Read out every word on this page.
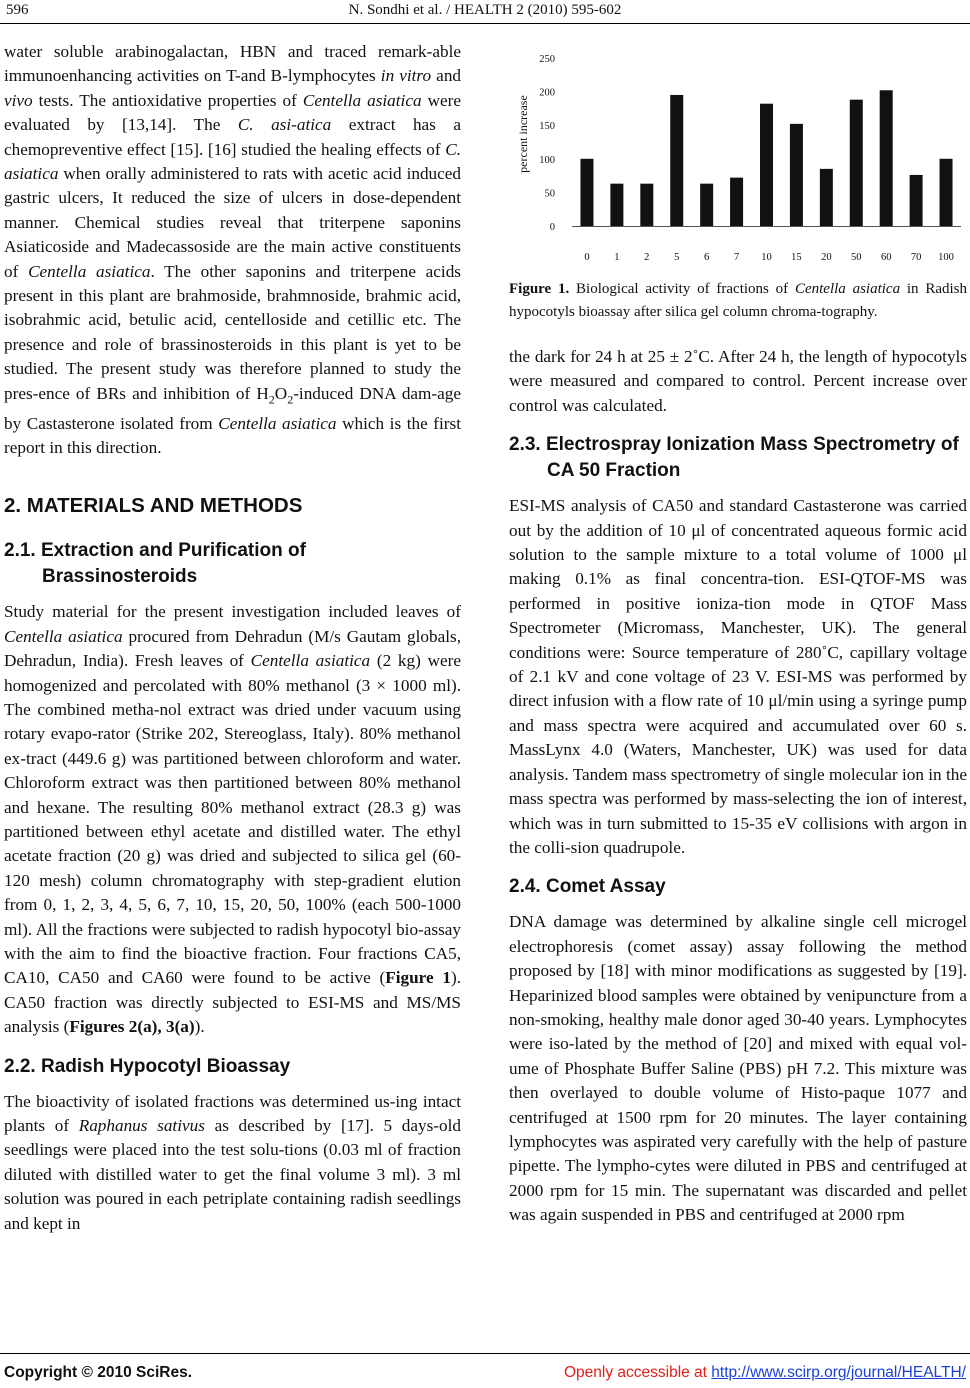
596	N. Sondhi et al. / HEALTH 2 (2010) 595-602

water soluble arabinogalactan, HBN and traced remark-able immunoenhancing activities on T-and B-lymphocytes in vitro and vivo tests. The antioxidative properties of Centella asiatica were evaluated by [13,14]. The C. asi-atica extract has a chemopreventive effect [15]. [16] studied the healing effects of C. asiatica when orally administered to rats with acetic acid induced gastric ulcers, It reduced the size of ulcers in dose-dependent manner. Chemical studies reveal that triterpene saponins Asiaticoside and Madecassoside are the main active constituents of Centella asiatica. The other saponins and triterpene acids present in this plant are brahmoside, brahmnoside, brahmic acid, isobrahmic acid, betulic acid, centelloside and cetillic etc. The presence and role of brassinosteroids in this plant is yet to be studied. The present study was therefore planned to study the pres-ence of BRs and inhibition of $H_2O_2$-induced DNA dam-age by Castasterone isolated from Centella asiatica which is the first report in this direction.

2. MATERIALS AND METHODS
2.1. Extraction and Purification of Brassinosteroids

Study material for the present investigation included leaves of Centella asiatica procured from Dehradun (M/s Gautam globals, Dehradun, India). Fresh leaves of Centella asiatica (2 kg) were homogenized and percolated with 80% methanol (3 × 1000 ml). The combined metha-nol extract was dried under vacuum using rotary evapo-rator (Strike 202, Stereoglass, Italy). 80% methanol ex-tract (449.6 g) was partitioned between chloroform and water. Chloroform extract was then partitioned between 80% methanol and hexane. The resulting 80% methanol extract (28.3 g) was partitioned between ethyl acetate and distilled water. The ethyl acetate fraction (20 g) was dried and subjected to silica gel (60-120 mesh) column chromatography with step-gradient elution from 0, 1, 2, 3, 4, 5, 6, 7, 10, 15, 20, 50, 100% (each 500-1000 ml). All the fractions were subjected to radish hypocotyl bio-assay with the aim to find the bioactive fraction. Four fractions CA5, CA10, CA50 and CA60 were found to be active (Figure 1). CA50 fraction was directly subjected to ESI-MS and MS/MS analysis (Figures 2(a), 3(a)).

2.2. Radish Hypocotyl Bioassay

The bioactivity of isolated fractions was determined us-ing intact plants of Raphanus sativus as described by [17]. 5 days-old seedlings were placed into the test solu-tions (0.03 ml of fraction diluted with distilled water to get the final volume 3 ml). 3 ml solution was poured in each petriplate containing radish seedlings and kept in

0
50
100
150
200
250
percent increase
0 1 2 5 6 7 10 15 20 50 60 70 100

Figure 1. Biological activity of fractions of Centella asiatica in Radish hypocotyls bioassay after silica gel column chroma-tography.

the dark for 24 h at 25 ± 2˚C. After 24 h, the length of hypocotyls were measured and compared to control. Percent increase over control was calculated.

2.3. Electrospray Ionization Mass Spectrometry of CA 50 Fraction

ESI-MS analysis of CA50 and standard Castasterone was carried out by the addition of 10 μl of concentrated aqueous formic acid solution to the sample mixture to a total volume of 1000 μl making 0.1% as final concentra-tion. ESI-QTOF-MS was performed in positive ioniza-tion mode in QTOF Mass Spectrometer (Micromass, Manchester, UK). The general conditions were: Source temperature of 280˚C, capillary voltage of 2.1 kV and cone voltage of 23 V. ESI-MS was performed by direct infusion with a flow rate of 10 μl/min using a syringe pump and mass spectra were acquired and accumulated over 60 s. MassLynx 4.0 (Waters, Manchester, UK) was used for data analysis. Tandem mass spectrometry of single molecular ion in the mass spectra was performed by mass-selecting the ion of interest, which was in turn submitted to 15-35 eV collisions with argon in the colli-sion quadrupole.

2.4. Comet Assay

DNA damage was determined by alkaline single cell microgel electrophoresis (comet assay) assay following the method proposed by [18] with minor modifications as suggested by [19]. Heparinized blood samples were obtained by venipuncture from a non-smoking, healthy male donor aged 30-40 years. Lymphocytes were iso-lated by the method of [20] and mixed with equal vol-ume of Phosphate Buffer Saline (PBS) pH 7.2. This mixture was then overlayed to double volume of Histo-paque 1077 and centrifuged at 1500 rpm for 20 minutes. The layer containing lymphocytes was aspirated very carefully with the help of pasture pipette. The lympho-cytes were diluted in PBS and centrifuged at 2000 rpm for 15 min. The supernatant was discarded and pellet was again suspended in PBS and centrifuged at 2000 rpm

Copyright © 2010 SciRes.	Openly accessible at http://www.scirp.org/journal/HEALTH/
